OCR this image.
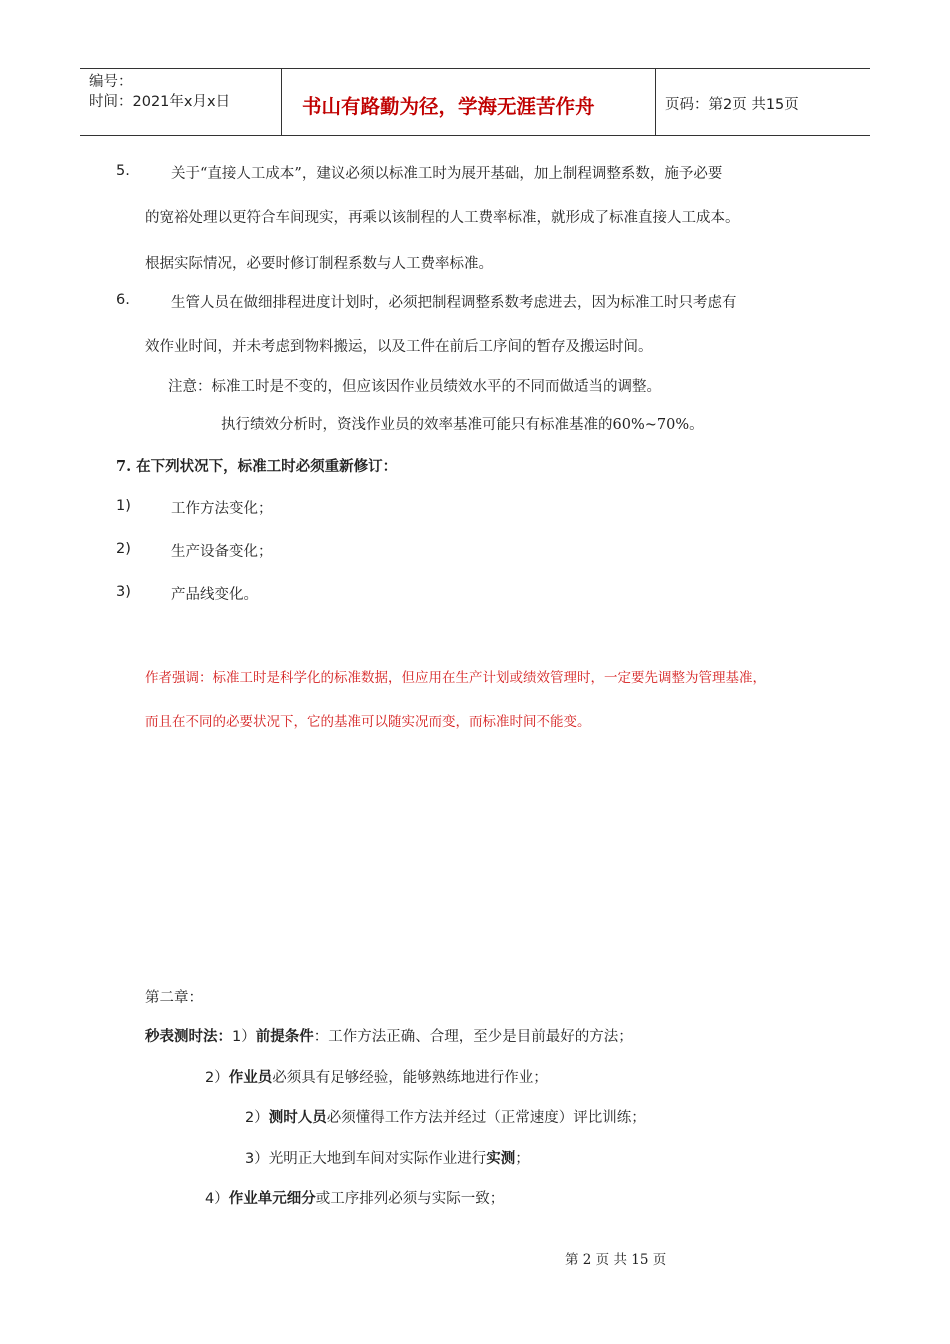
编号：
时间：2021年x月x日	书山有路勤为径，学海无涯苦作舟	页码：第2页 共15页
5.	关于“直接人工成本”，建议必须以标准工时为展开基础，加上制程调整系数，施予必要
的宽裕处理以更符合车间现实，再乘以该制程的人工费率标准，就形成了标准直接人工成本。
根据实际情况，必要时修订制程系数与人工费率标准。
6.	生管人员在做细排程进度计划时，必须把制程调整系数考虑进去，因为标准工时只考虑有
效作业时间，并未考虑到物料搬运，以及工件在前后工序间的暂存及搬运时间。
注意：标准工时是不变的，但应该因作业员绩效水平的不同而做适当的调整。
执行绩效分析时，资浅作业员的效率基准可能只有标准基准的60%~70%。
7. 在下列状况下，标准工时必须重新修订：
1)	工作方法变化；
2)	生产设备变化；
3)	产品线变化。
作者强调：标准工时是科学化的标准数据，但应用在生产计划或绩效管理时，一定要先调整为管理基准，
而且在不同的必要状况下，它的基准可以随实况而变，而标准时间不能变。
第二章：
秒表测时法：1）前提条件：工作方法正确、合理，至少是目前最好的方法；
2）作业员必须具有足够经验，能够熟练地进行作业；
2）测时人员必须懂得工作方法并经过（正常速度）评比训练；
3）光明正大地到车间对实际作业进行实测；
4）作业单元细分或工序排列必须与实际一致；
第 2 页 共 15 页
